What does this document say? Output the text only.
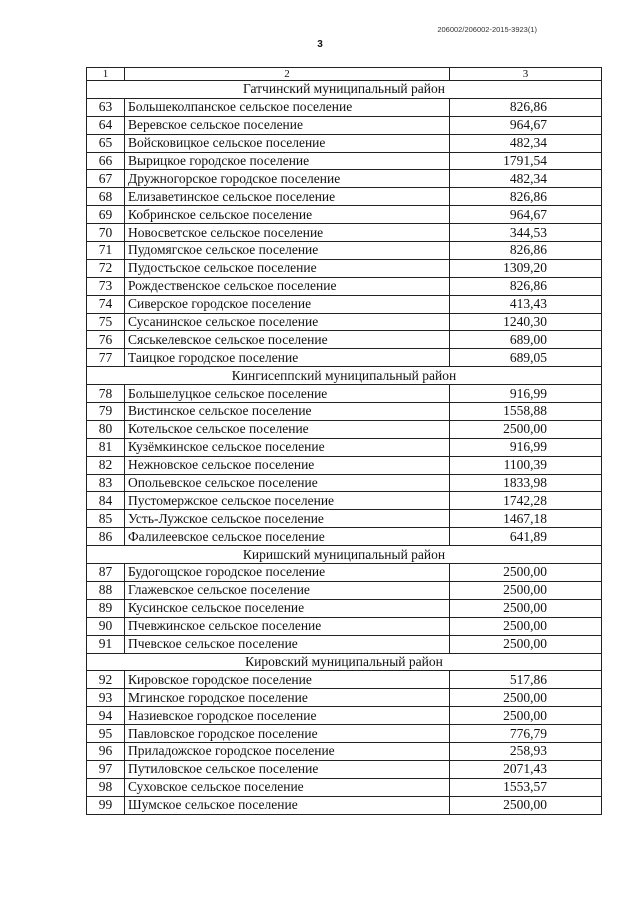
206002/206002-2015-3923(1)
3
1	2	3
Гатчинский муниципальный район		
63	Большеколпанское сельское поселение	826,86
64	Веревское сельское поселение	964,67
65	Войсковицкое сельское поселение	482,34
66	Вырицкое городское поселение	1791,54
67	Дружногорское городское поселение	482,34
68	Елизаветинское сельское поселение	826,86
69	Кобринское сельское поселение	964,67
70	Новосветское сельское поселение	344,53
71	Пудомягское сельское поселение	826,86
72	Пудостьское сельское поселение	1309,20
73	Рождественское сельское поселение	826,86
74	Сиверское городское поселение	413,43
75	Сусанинское сельское поселение	1240,30
76	Сяськелевское сельское поселение	689,00
77	Таицкое городское поселение	689,05
Кингисеппский муниципальный район		
78	Большелуцкое сельское поселение	916,99
79	Вистинское сельское поселение	1558,88
80	Котельское сельское поселение	2500,00
81	Кузёмкинское сельское поселение	916,99
82	Нежновское сельское поселение	1100,39
83	Опольевское сельское поселение	1833,98
84	Пустомержское сельское поселение	1742,28
85	Усть-Лужское сельское поселение	1467,18
86	Фалилеевское сельское поселение	641,89
Киришский муниципальный район		
87	Будогощское городское поселение	2500,00
88	Глажевское сельское поселение	2500,00
89	Кусинское сельское поселение	2500,00
90	Пчевжинское сельское поселение	2500,00
91	Пчевское сельское поселение	2500,00
Кировский муниципальный район		
92	Кировское городское поселение	517,86
93	Мгинское городское поселение	2500,00
94	Назиевское городское поселение	2500,00
95	Павловское городское поселение	776,79
96	Приладожское городское поселение	258,93
97	Путиловское сельское поселение	2071,43
98	Суховское сельское поселение	1553,57
99	Шумское сельское поселение	2500,00
